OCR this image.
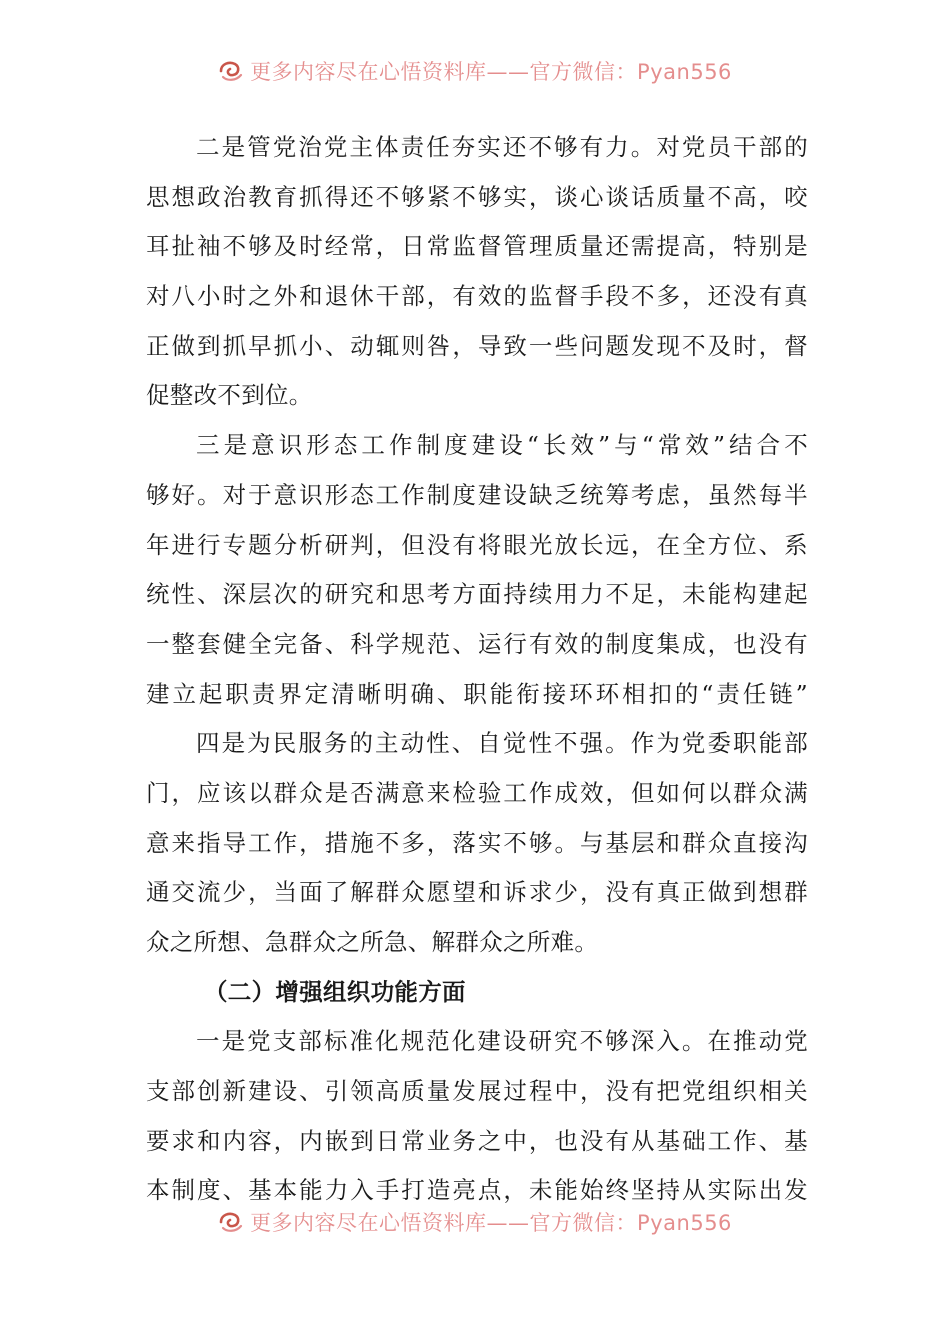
更多内容尽在心悟资料库——官方微信：Pyan556
二是管党治党主体责任夯实还不够有力。对党员干部的
思想政治教育抓得还不够紧不够实，谈心谈话质量不高，咬
耳扯袖不够及时经常，日常监督管理质量还需提高，特别是
对八小时之外和退休干部，有效的监督手段不多，还没有真
正做到抓早抓小、动辄则咎，导致一些问题发现不及时，督
促整改不到位。
三是意识形态工作制度建设“长效”与“常效”结合不
够好。对于意识形态工作制度建设缺乏统筹考虑，虽然每半
年进行专题分析研判，但没有将眼光放长远，在全方位、系
统性、深层次的研究和思考方面持续用力不足，未能构建起
一整套健全完备、科学规范、运行有效的制度集成，也没有
建立起职责界定清晰明确、职能衔接环环相扣的“责任链”
四是为民服务的主动性、自觉性不强。作为党委职能部
门，应该以群众是否满意来检验工作成效，但如何以群众满
意来指导工作，措施不多，落实不够。与基层和群众直接沟
通交流少，当面了解群众愿望和诉求少，没有真正做到想群
众之所想、急群众之所急、解群众之所难。
（二）增强组织功能方面
一是党支部标准化规范化建设研究不够深入。在推动党
支部创新建设、引领高质量发展过程中，没有把党组织相关
要求和内容，内嵌到日常业务之中，也没有从基础工作、基
本制度、基本能力入手打造亮点，未能始终坚持从实际出发
更多内容尽在心悟资料库——官方微信：Pyan556
